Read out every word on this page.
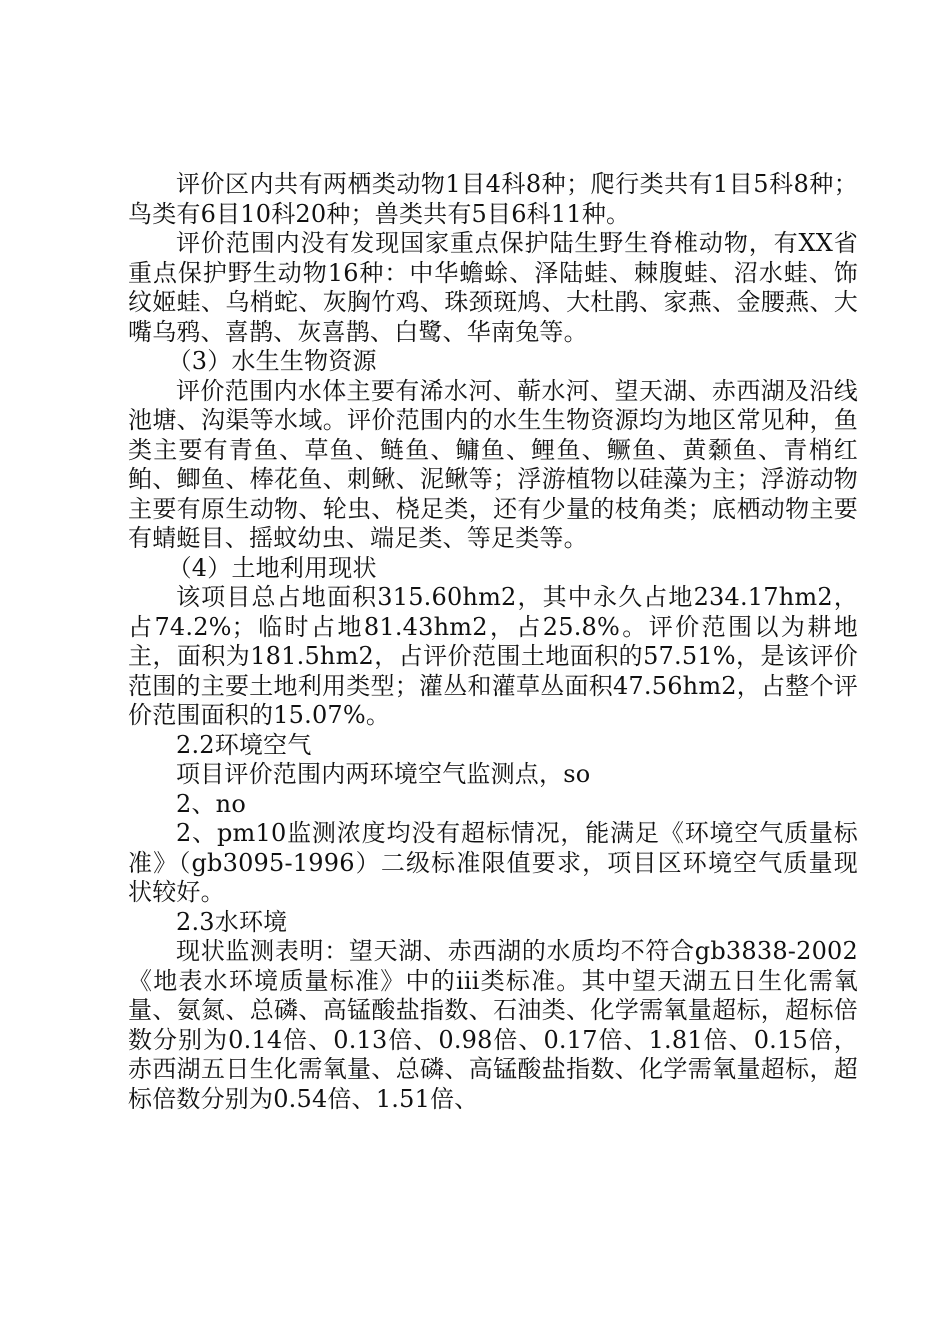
评价区内共有两栖类动物1目4科8种；爬行类共有1目5科8种；鸟类有6目10科20种；兽类共有5目6科11种。

评价范围内没有发现国家重点保护陆生野生脊椎动物，有XX省重点保护野生动物16种：中华蟾蜍、泽陆蛙、棘腹蛙、沼水蛙、饰纹姬蛙、乌梢蛇、灰胸竹鸡、珠颈斑鸠、大杜鹃、家燕、金腰燕、大嘴乌鸦、喜鹊、灰喜鹊、白鹭、华南兔等。

（3）水生生物资源

评价范围内水体主要有浠水河、蕲水河、望天湖、赤西湖及沿线池塘、沟渠等水域。评价范围内的水生生物资源均为地区常见种，鱼类主要有青鱼、草鱼、鲢鱼、鳙鱼、鲤鱼、鳜鱼、黄颡鱼、青梢红鲌、鲫鱼、棒花鱼、刺鳅、泥鳅等；浮游植物以硅藻为主；浮游动物主要有原生动物、轮虫、桡足类，还有少量的枝角类；底栖动物主要有蜻蜓目、摇蚊幼虫、端足类、等足类等。

（4）土地利用现状

该项目总占地面积315.60hm2，其中永久占地234.17hm2，占74.2%；临时占地81.43hm2，占25.8%。评价范围以为耕地主，面积为181.5hm2，占评价范围土地面积的57.51%，是该评价范围的主要土地利用类型；灌丛和灌草丛面积47.56hm2，占整个评价范围面积的15.07%。

2.2环境空气

项目评价范围内两环境空气监测点，so

2、no

2、pm10监测浓度均没有超标情况，能满足《环境空气质量标准》（gb3095-1996）二级标准限值要求，项目区环境空气质量现状较好。

2.3水环境

现状监测表明：望天湖、赤西湖的水质均不符合gb3838-2002《地表水环境质量标准》中的iii类标准。其中望天湖五日生化需氧量、氨氮、总磷、高锰酸盐指数、石油类、化学需氧量超标，超标倍数分别为0.14倍、0.13倍、0.98倍、0.17倍、1.81倍、0.15倍，赤西湖五日生化需氧量、总磷、高锰酸盐指数、化学需氧量超标，超标倍数分别为0.54倍、1.51倍、
